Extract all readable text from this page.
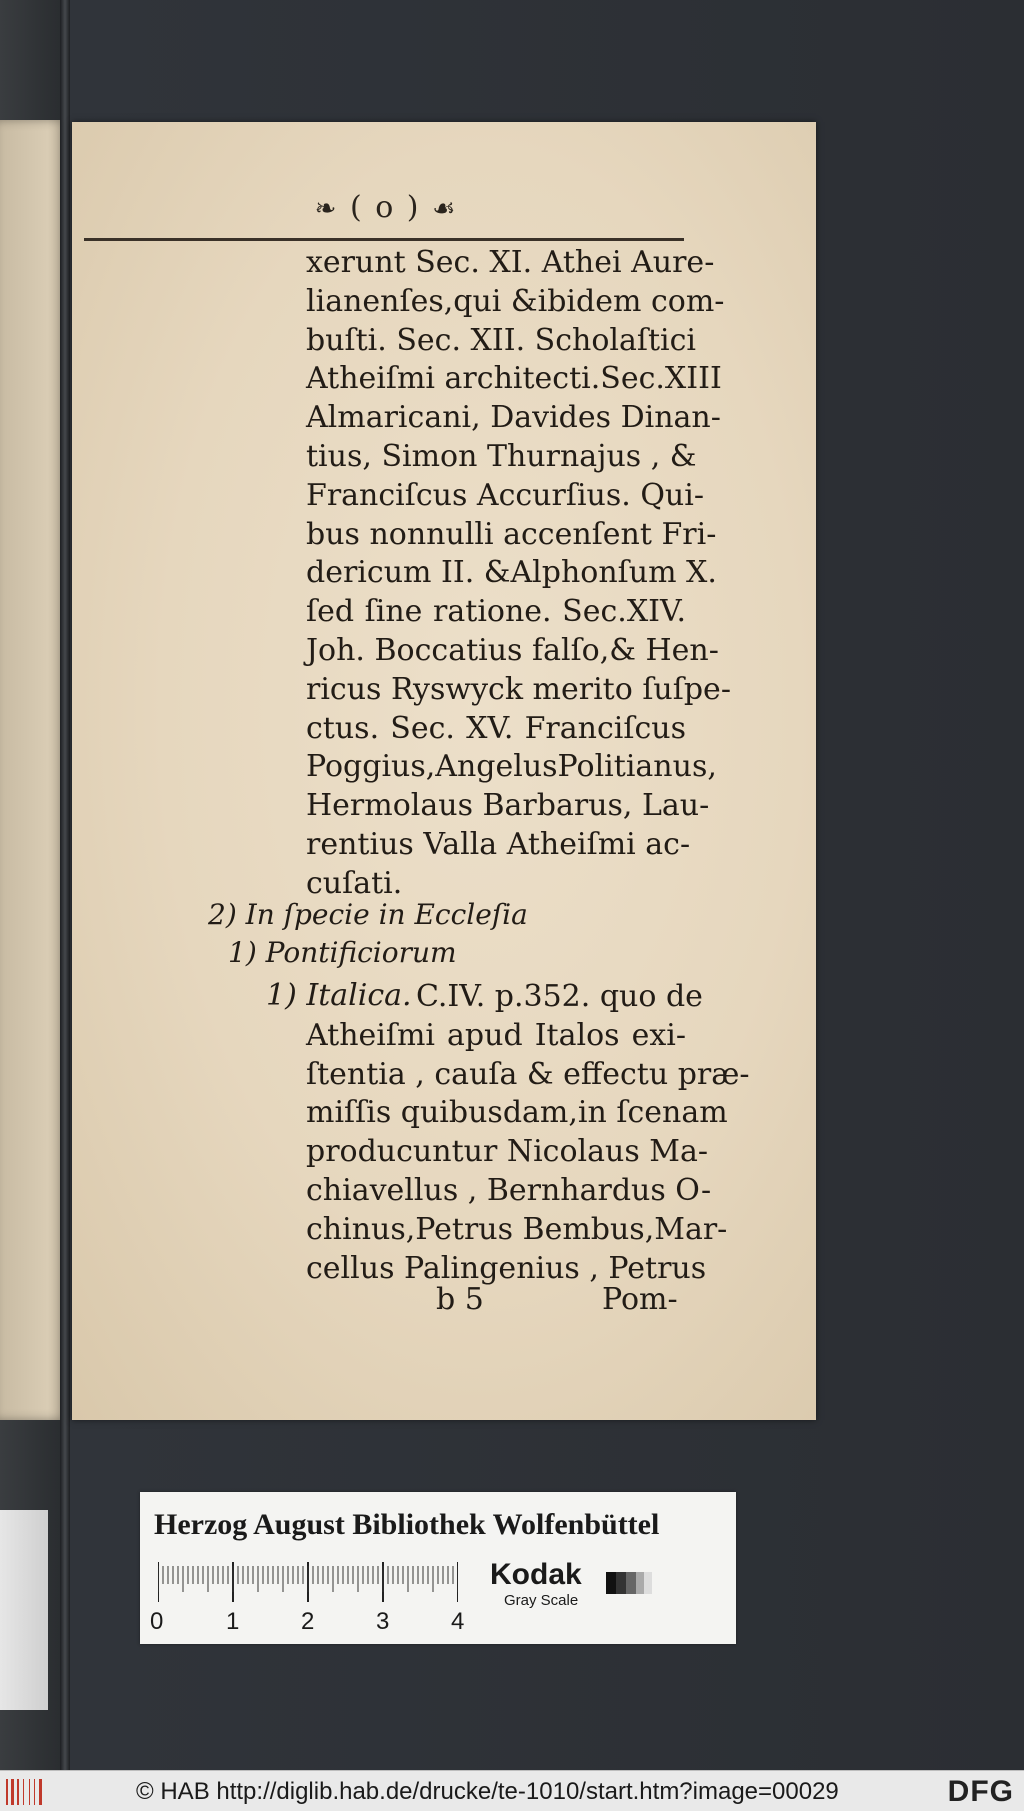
❧ ( o ) ☙
xerunt Sec. XI. Athei Aure-
lianenſes,qui &ibidem com-
buſti. Sec. XII. Scholaſtici
Atheiſmi architecti.Sec.XIII
Almaricani, Davides Dinan-
tius, Simon Thurnajus , &
Franciſcus Accurſius. Qui-
bus nonnulli accenſent Fri-
dericum II. &Alphonſum X.
ſed ſine ratione. Sec.XIV.
Joh. Boccatius falſo,& Hen-
ricus Ryswyck merito ſuſpe-
ctus. Sec. XV. Franciſcus
Poggius,AngelusPolitianus,
Hermolaus Barbarus, Lau-
rentius Valla Atheiſmi ac-
cuſati.
2) In ſpecie in Eccleſia
1) Pontificiorum
1) Italica. C.IV. p.352. quo de
Atheiſmi apud Italos exi-
ſtentia , cauſa & effectu præ-
miſſis quibusdam,in ſcenam
producuntur Nicolaus Ma-
chiavellus , Bernhardus O-
chinus,Petrus Bembus,Mar-
cellus Palingenius , Petrus
b 5	Pom-
Herzog August Bibliothek Wolfenbüttel
0	1	2	3	4
Kodak
Gray Scale
© HAB http://diglib.hab.de/drucke/te-1010/start.htm?image=00029	DFG
